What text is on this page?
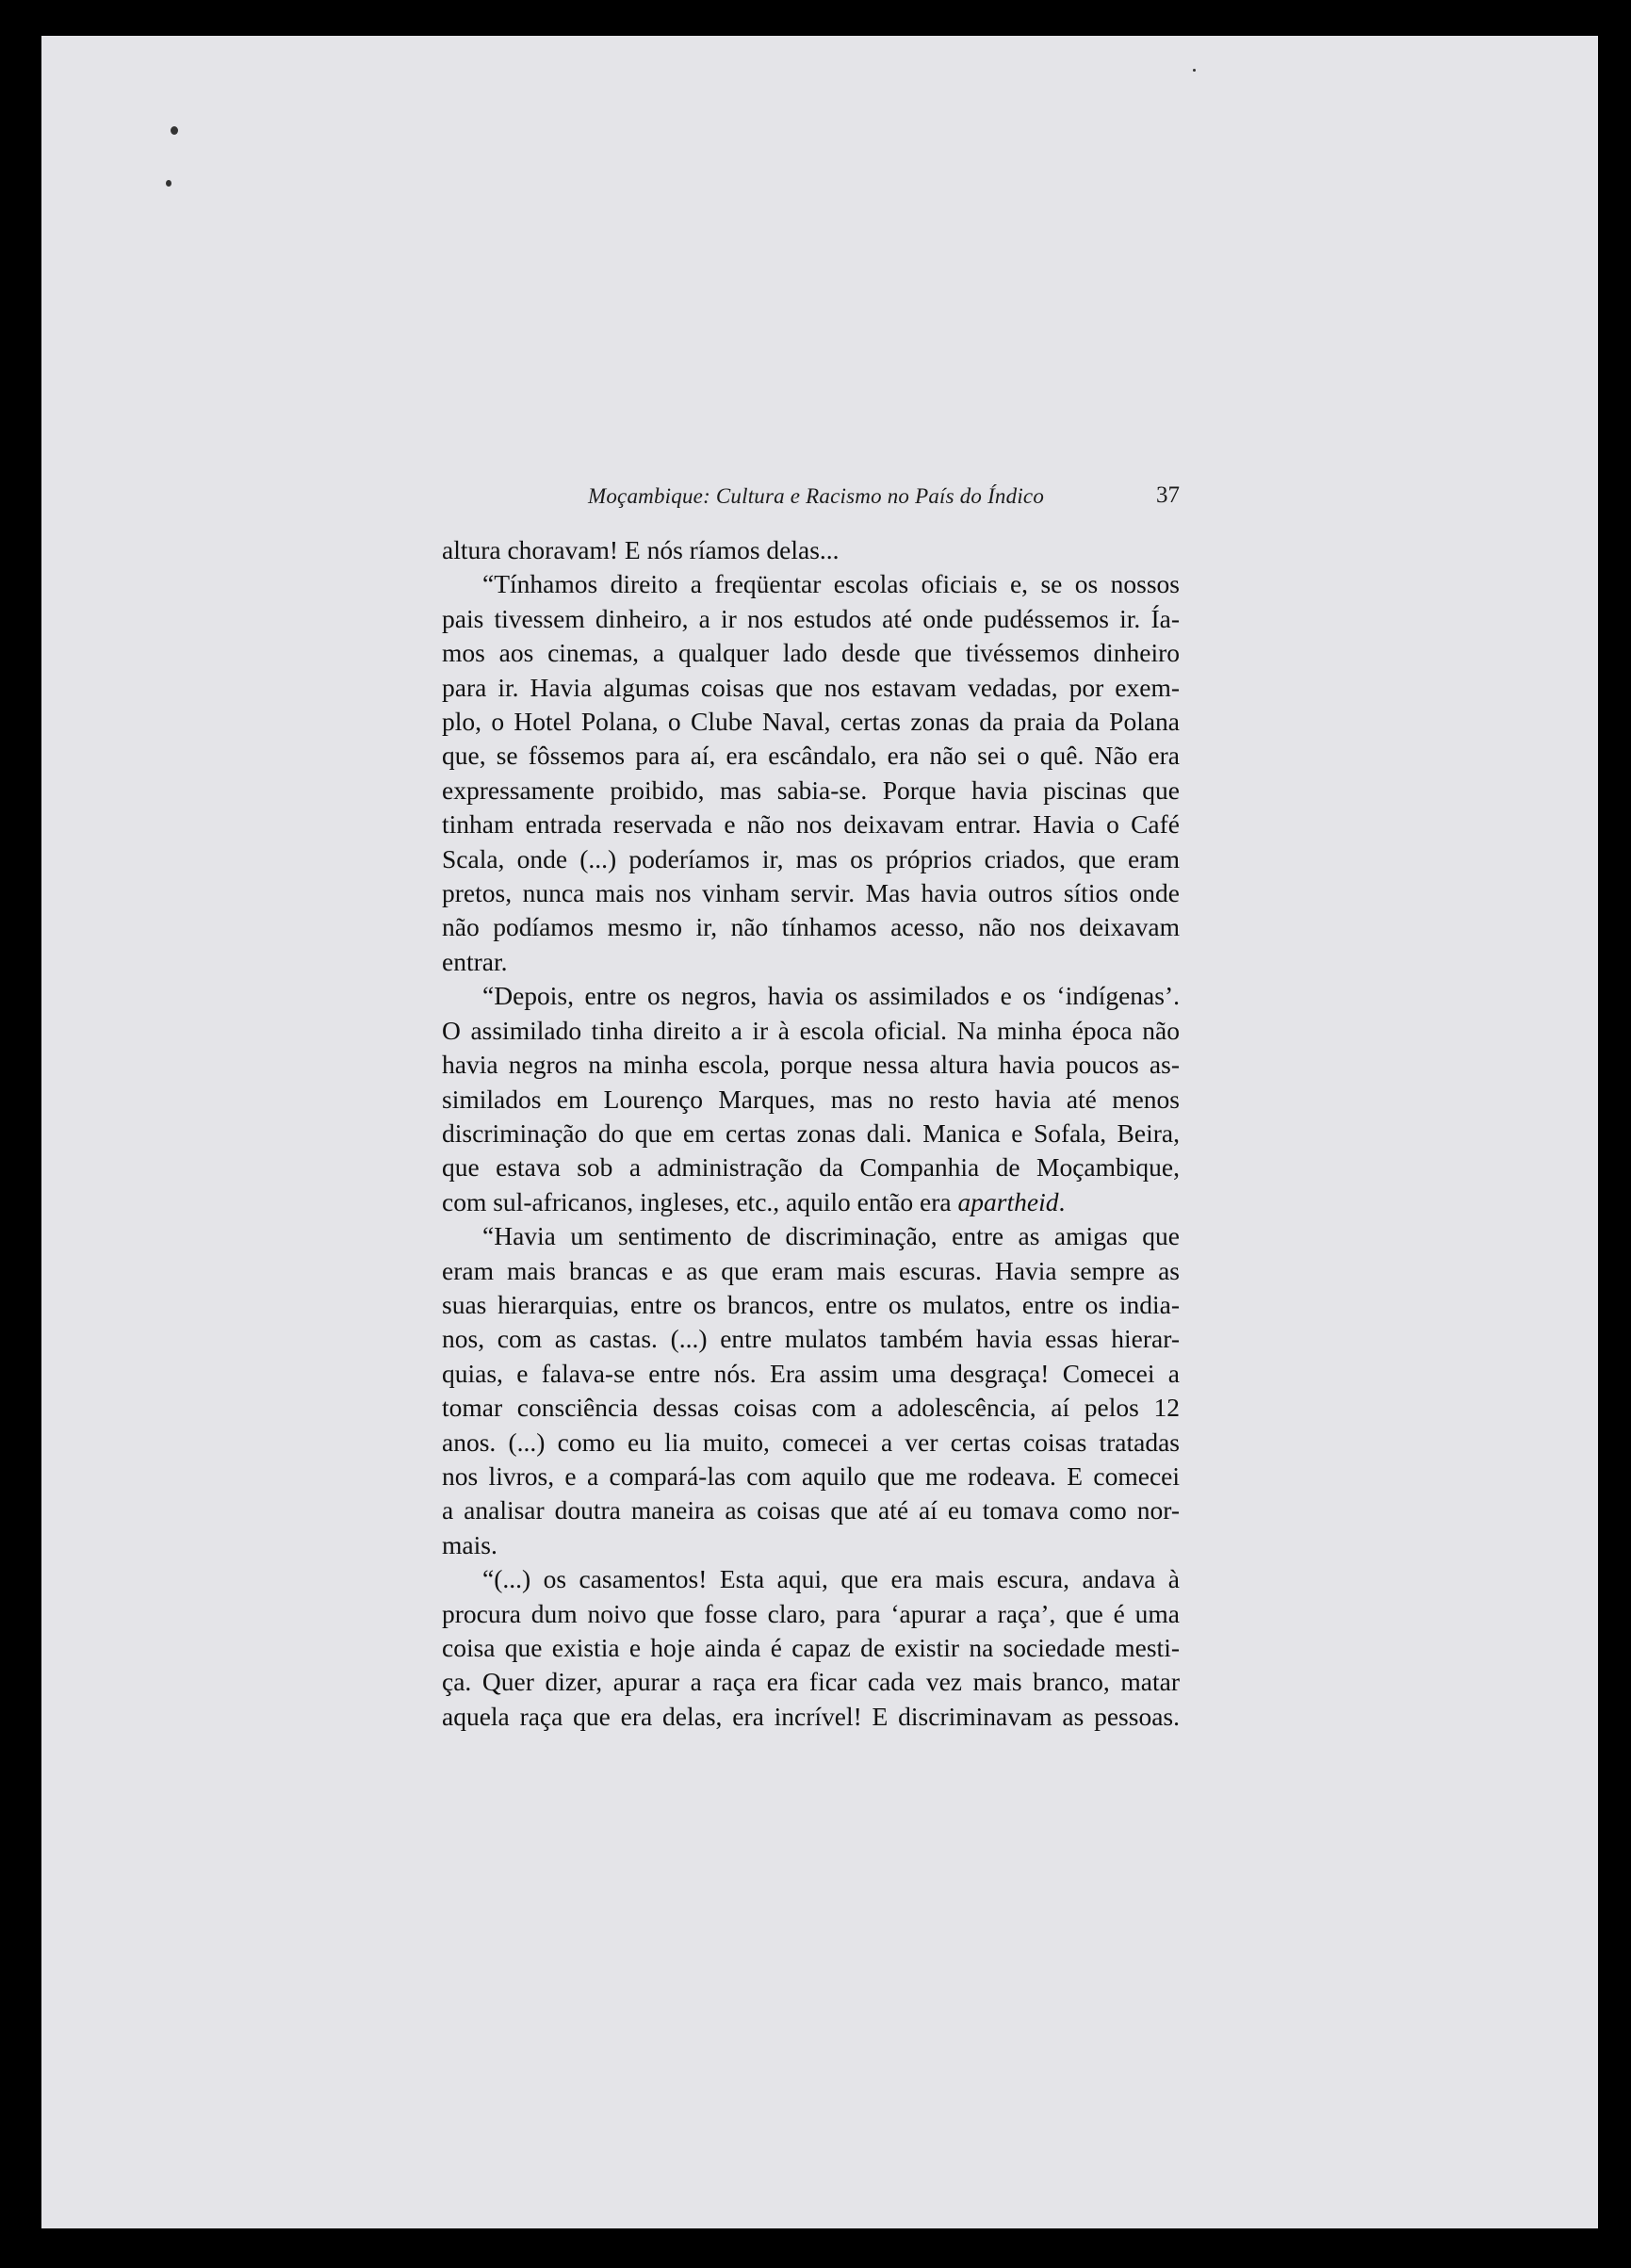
Moçambique: Cultura e Racismo no País do Índico	37
altura choravam! E nós ríamos delas...
“Tínhamos direito a freqüentar escolas oficiais e, se os nossos
pais tivessem dinheiro, a ir nos estudos até onde pudéssemos ir. Ía-
mos aos cinemas, a qualquer lado desde que tivéssemos dinheiro
para ir. Havia algumas coisas que nos estavam vedadas, por exem-
plo, o Hotel Polana, o Clube Naval, certas zonas da praia da Polana
que, se fôssemos para aí, era escândalo, era não sei o quê. Não era
expressamente proibido, mas sabia-se. Porque havia piscinas que
tinham entrada reservada e não nos deixavam entrar. Havia o Café
Scala, onde (...) poderíamos ir, mas os próprios criados, que eram
pretos, nunca mais nos vinham servir. Mas havia outros sítios onde
não podíamos mesmo ir, não tínhamos acesso, não nos deixavam
entrar.
“Depois, entre os negros, havia os assimilados e os ‘indígenas’.
O assimilado tinha direito a ir à escola oficial. Na minha época não
havia negros na minha escola, porque nessa altura havia poucos as-
similados em Lourenço Marques, mas no resto havia até menos
discriminação do que em certas zonas dali. Manica e Sofala, Beira,
que estava sob a administração da Companhia de Moçambique,
com sul-africanos, ingleses, etc., aquilo então era apartheid.
“Havia um sentimento de discriminação, entre as amigas que
eram mais brancas e as que eram mais escuras. Havia sempre as
suas hierarquias, entre os brancos, entre os mulatos, entre os india-
nos, com as castas. (...) entre mulatos também havia essas hierar-
quias, e falava-se entre nós. Era assim uma desgraça! Comecei a
tomar consciência dessas coisas com a adolescência, aí pelos 12
anos. (...) como eu lia muito, comecei a ver certas coisas tratadas
nos livros, e a compará-las com aquilo que me rodeava. E comecei
a analisar doutra maneira as coisas que até aí eu tomava como nor-
mais.
“(...) os casamentos! Esta aqui, que era mais escura, andava à
procura dum noivo que fosse claro, para ‘apurar a raça’, que é uma
coisa que existia e hoje ainda é capaz de existir na sociedade mesti-
ça. Quer dizer, apurar a raça era ficar cada vez mais branco, matar
aquela raça que era delas, era incrível! E discriminavam as pessoas.
